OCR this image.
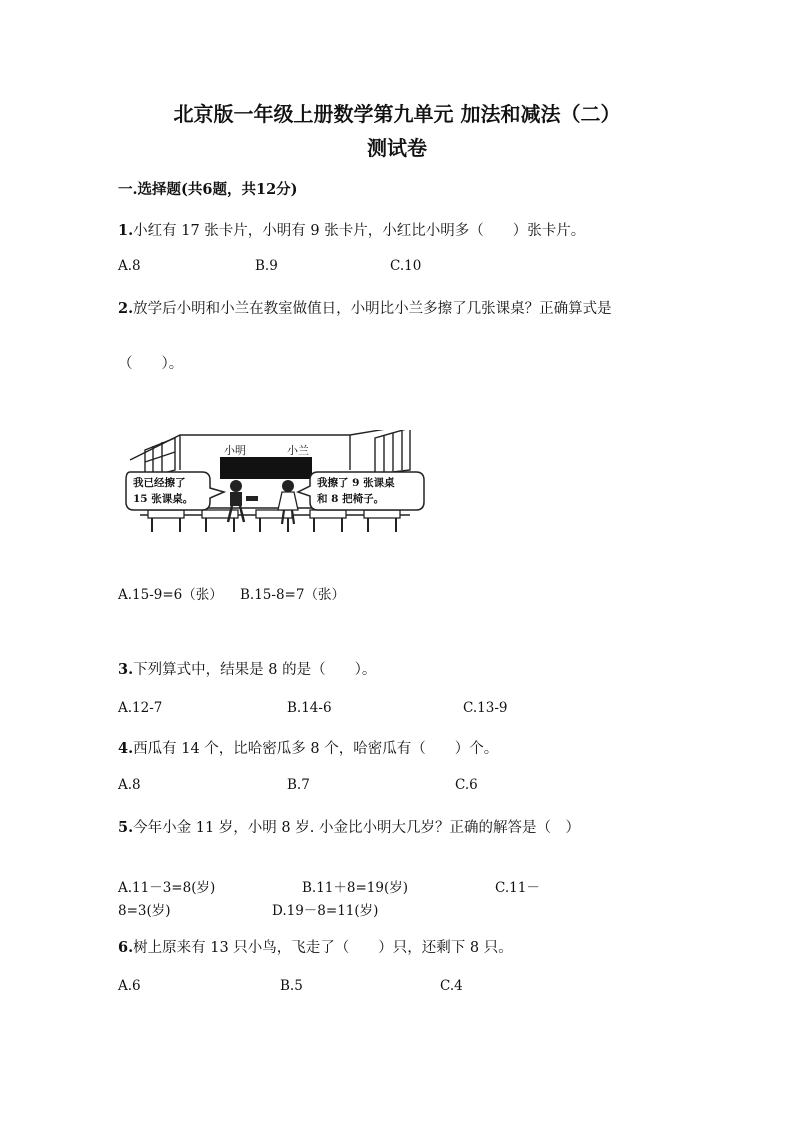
北京版一年级上册数学第九单元 加法和减法（二）
测试卷
一.选择题(共6题，共12分)
1.小红有 17 张卡片，小明有 9 张卡片，小红比小明多（　　）张卡片。
A.8	B.9	C.10
2.放学后小明和小兰在教室做值日，小明比小兰多擦了几张课桌？正确算式是
（　　）。
小明	小兰
我已经擦了
15 张课桌。
我擦了 9 张课桌
和 8 把椅子。
A.15-9=6（张） B.15-8=7（张）
3.下列算式中，结果是 8 的是（　　）。
A.12-7	B.14-6	C.13-9
4.西瓜有 14 个，比哈密瓜多 8 个，哈密瓜有（　　）个。
A.8	B.7	C.6
5.今年小金 11 岁，小明 8 岁. 小金比小明大几岁？正确的解答是（　）
A.11－3=8(岁)	B.11＋8=19(岁)	C.11－
8=3(岁)	D.19－8=11(岁)
6.树上原来有 13 只小鸟，飞走了（　　）只，还剩下 8 只。
A.6	B.5	C.4
